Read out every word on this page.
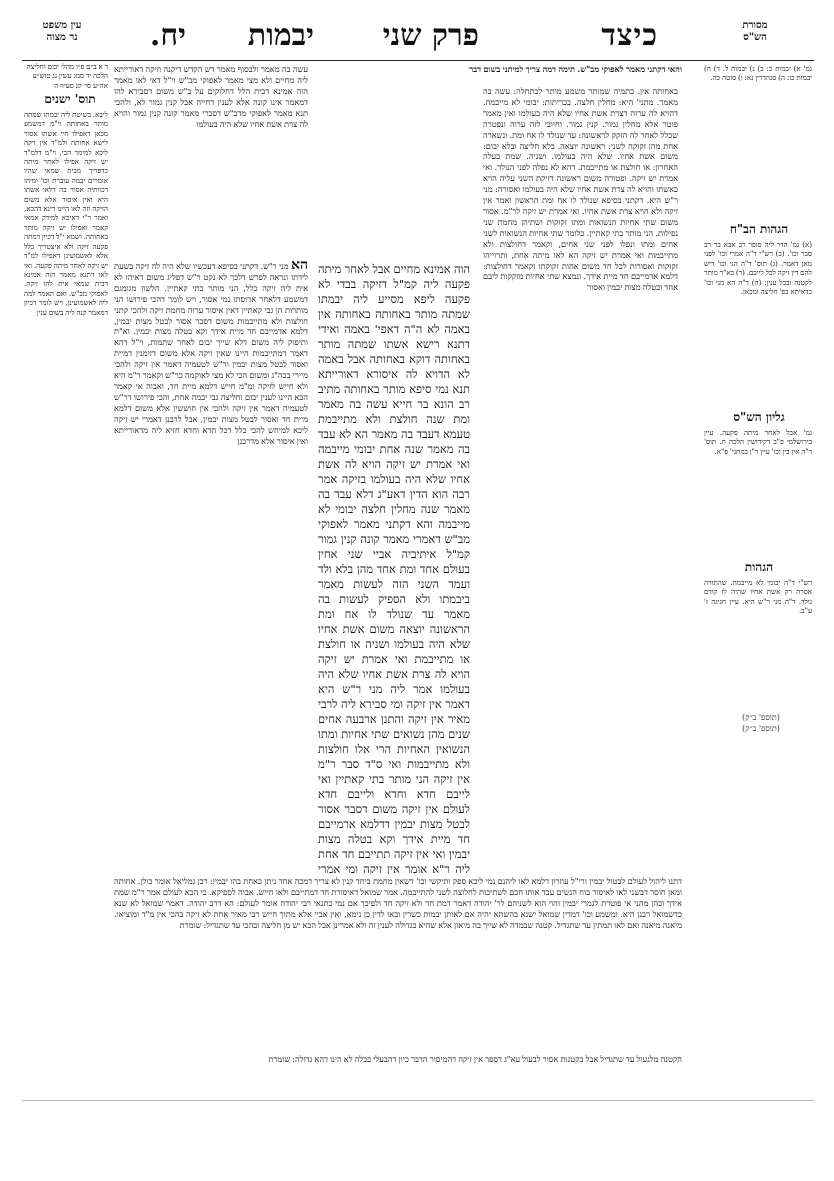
מסורת
הש"ס
כיצד
פרק שני
יבמות
יח.
עין משפט
נר מצוה
והאי דקתני מאמר לאפוקי מב"ש. תימה דמה צריך למיתני בשום דבר
עשה בה מאמר ולבסוף מאמר דש הקדש דיקנה וזיקה דאורייתא ליה מחיים ולא מצי מאמר לאפוקי מב"ש וי"ל דאי לאו מאמר הוה אמינא דבית הלל דחלוקים על ב"ש משום דסבירא להו דמאמר אינו קונה אלא לענין דחייה אבל קנין גמור לא, ולהכי תנא מאמר לאפוקי מדב"ש דסברי מאמר קונה קנין גמור והויא לה צרת אשת אחיו שלא היה בעולמו
הא מני ר"ש. דקתני בסיפא דעכשיו שלא היה לה זיקה בשעת לידתו ונראה לפרש דלכך לא נקט ר"ש דפליג משום דאיהו לא אית ליה זיקה כלל, הני מותר בתי קאתיין. הלשון מגומגם דמשמע דלאחר ארוסתו נמי אסור, ויש לומר דהכי פירושו הני מותרות הן גבי קאתיין דאין איסור ערוה מחמת זיקה ולהכי קתני חולצות ולא מתייבמות משום דסבר אסור לבטל מצות יבמין, דלמא אדמייבם חד מיית אידך וקא בטלה מצות יבמין. וא"ת ותיפוק ליה משום דלא שייך יבום לאחר שתמות, וי"ל דהא דאמר דמתייבמות היינו שאין זיקה אלא משום דזימנין דמיית ואסור לבטל מצות יבמין ור"ש לטעמיה דאמר אין זיקה ולהכי מיירי בכה"ג ומשום הכי לא מצי לאוקמה כר"ש וקאמר ר"מ היא ולא חייש לזיקה ומ"מ חייש דלמא מיית חד, ואבוה אי קאמר הכא היינו לענין יבום וחליצה גבי יבמה אחת, והכי פירושו דר"ש לטעמיה דאמר אין זיקה ולהכי אין חוששין אלא משום דלמא מיית חד ואסור לבטל מצות יבמין, אבל לרבנן דאמרי יש זיקה ליכא למיחש להכי כלל דכל חדא וחדא חזיא ליה מדאורייתא ואין איסור אלא מדרבנן
הוה אמינא מחיים אבל לאחר מיתה פקעה ליה קמ"ל דזיקה בבדי לא פקעה ליפא מסייע ליה יבמתו שמתה מותר באחותה באחותה אין באמה לא ה"ה דאפי' באמה ואידי דתנא רישא אשתו שמתה מותר באחותה דוקא באחותה אבל באמה לא הדויא לה איסורא דאורייתא תנא נמי סיפא מותר באחותה מתיב רב הונא בר חייא עשה בה מאמר ומת שנה חולצת ולא מתייבמת טעמא דעבד בה מאמר הא לא עבד בה מאמר שנה אחת יבומי מייבמה ואי אמרת יש זיקה הויא לה אשת אחיו שלא היה בעולמו בזיקה אמר רבה הוא הדין דאע"ג דלא עבד בה מאמר שנה מחלין חלצה יבומי לא מייבמה והא דקתני מאמר לאפוקי מב"ש דאמרי מאמר קונה קנין גמור קמ"ל איתיביה אביי שני אחין בעולם אחד ומת אחד מהן בלא ולד ועמד השני הזה לעשות מאמר ביבמתו ולא הספיק לעשות בה מאמר עד שנולד לו אח ומת הראשונה יוצאה משום אשת אחיו שלא היה בעולמו ושניה או חולצת או מתייבמת ואי אמרת יש זיקה הויא לה צרת אשת אחיו שלא היה בעולמו אמר ליה מני ר"ש היא דאמר אין זיקה ומי סבירא ליה לרבי מאיר אין זיקה והתנן ארבעה אחים שנים מהן נשואים שתי אחיות ומתו הנשואין האחיות הרי אלו חולצות ולא מתייבמות ואי ס"ד סבר ר"מ אין זיקה הני מותר בתי קאתיין ואי לייבם חדא וחדא ולייבם חדא לעולם אין זיקה משום דסבר אסור לבטל מצות יבמין דדלמא ארמייבם חד מיית אידך וקא בטלה מצות יבמין ואי אין זיקה תתייבם חד אחת ליה ר"א אומר אין זיקה ומי אמרי
באחותה אין. בתמיה שמותר משמע מותר לכתחלה: עשה בה מאמר. מתני' היא: מחלין חלצה. בכריתות: יבומי לא מייבמה. דהויא לה ערוה דצרת אשת אחיו שלא היה בעולמו ואין מאמר פוטר אלא מחלין גמור. קנין גמור. וחיובי לזה ערוה ונפטרה שכלל לאחר לה הזקק לראשונה: עד שנולד לו אח ומת. ונשארה אחת מהן זקוקה לשני: ראשונה יוצאה. בלא חליצה ובלא יבום: משום אשת אחיו. שלא היה בעולמו. ושניה. שמת בעלה האחרון: או חולצת או מתייבמת. דהא לא נפלה לפני הנולד. ואי אמרת יש זיקה. ופטורה משום ראשונה דזיקת השני עליה הויא כאשתו והויא לה צרת אשת אחיו שלא היה בעולמו ואסורה: מני ר"ש היא. דקתני בסיפא שנולד לו אח ומת הראשון ואמר אין זיקה ולא הויא צרת אשת אחיו. ואי אמרת יש זיקה לר"מ. אסור משום שתי אחיות הנשואות ומתו זקוקות ושתיהן מחמת שני נפילות. הני מותר בתי קאתיין. כלומר שתי אחיות הנשואות לשני אחים ומתו ונפלו לפני שני אחים, וקאמר דחולצות ולא מתייבמות ואי אמרת יש זיקה הא לאו מיתה אחת, ותרוייהו זקוקות ואסורות לכל חד משום אחות זקוקתו וקאמר דחולצות: דלמא אדמייבם חד מיית אידך. ונמצא שתי אחיות מזקקות ליבם אחד ובטלה מצות יבמין ואסור
ד א ב״ם פ״ו מהל׳ יבום וחליצה הלכה יד סמג עשין נג טוש״ע אה״ע סי׳ קנ סעיף ה
תוס' ישנים
ליבא. בשיטת ליה יבמתו שמתה מותר באחותה וי"מ דמשמע מכאן דאפילו חיי אשתו אסור לישא אחותה ולמ"ד אין זיקה ליכא למימר הכי, וי"מ דלמ"ד יש זיקה אפילו לאחר מיתה כדפריך מבית שמאי שהיו אומרים יבמה עוברת וכו' ומיהו דכוותיה אסור בה דלאו אשתו היא ואין איסור אלא משום הזיקה וזה לאו היינו דינא דהכא, ואמר ר"י דאיכא למידק אמאי קאמר ואפילו יש זיקה מותר באחותה. ושמא י"ל דכיון דמתה פקעה זיקה ולא איצטריך כלל אלא לאשמועינן דאפילו למ"ד יש זיקה לאחר מיתה פקעה. ואי לאו דתנא מאמר הוה אמינא דבית שמאי אית להו זיקה. לאפוקי מב"ש. ואם תאמר למה ליה לאשמועינן, ויש לומר דכיון דמאמר קנה ליה בשום ענין
גמ' א) יבמות כ: ב) ג) יבמות ל. ד) ה) יבמות כו: ה) סנהדרין נא: ו) סוטה כה.
הגהות הב"ח
(א) גמ' הדר ליה סופר רב אבא בר רב סבר וכו'. (ב) רש"י ד"ה אמרי וכו' לפני מאן דאמר. (ג) תוס' ד"ה הני וכו' דיש להם דין זיקה לכל לייבם. (ד) בא"ד מותר לקטנה ובכל ענין: (ה) ד"ה הא מני וכו' כדאיתא בפ' חליצה ומכאן.
גליון הש"ס
גמ' אבל לאחר מיתה פקעה. עיין בירושלמי פ"ב דקידושין הלכה ח. תוס' ד"ה אין בין וכו' עיין ר"ן במתני' פ"א.
הגהות
רש"י ד"ה יבומי לא מייבמה. שהתורה אסרה רק אשת אחיו שהיה לו קודם נולד. ד"ה מני ר"ש היא. עיין חגיגה ז' ע"ב.
(תוספ' ב״ק)
(תוספ' ב״ק)
דתנו ליהול לעולם לבטול יבמין ורי"ל עוזרון דלמא לאו ליהנם נמי ליכא ספק ותיקשי וכו' דשאין מחמת ביחד קנין לא צריך דמכה אחד ניתן כאחת בהו יבמין: רבן גמליאל אומר כולן. אחותה ומאן חוסר דבשני לאו לאיסור כוח הנשים עבד אותו חכם לשתיכות לחלוצה לשני להתייבמה. אמר שמואל דאיסורת חד דמתייבם ולאו חייש. אבוה לספיקא. כי הכא לעולם אמר ר"מ שמת אידך וכהן מהני אי פוטרת לגמרי יבמין והוי הוא לשניהם לר' יהודה דאמר דמת חד ולא זיקה חד ולפיכך אם נמי כתנאי רבי יהודה אומר לעולם: הא דרב יהודה. דאמר שמואל לא שנא כדשמואל רבנן היא. ומשמע וכו' דמדין שמואל ישנא בהשתא יהיה אם לאותן יבמות כשרין ובאו לדין כן נימא, ואין אביי אלא מתוך חייש רבי מאיר אחת לא זיקה בהכי אין מ"ד ומוציאו. מיאנה מיאנה ואם לאו תמתין עד שתגדיל. קטנה שבמדה לא שייך בה מיאון אלא שהיא כגדולה לענין זה ולא אמרינן אבל הכא יש מן חליצה ובהכי עד שתגדיל: שומרת
הקטנה מלגעול עד שתגדיל אבל בקטנות אסור לבעול עא"ג דספר אין זיקה דהמיסור הדבר כיון דהבעלי בכלה לא הינו דהא גדולה: שומרת
